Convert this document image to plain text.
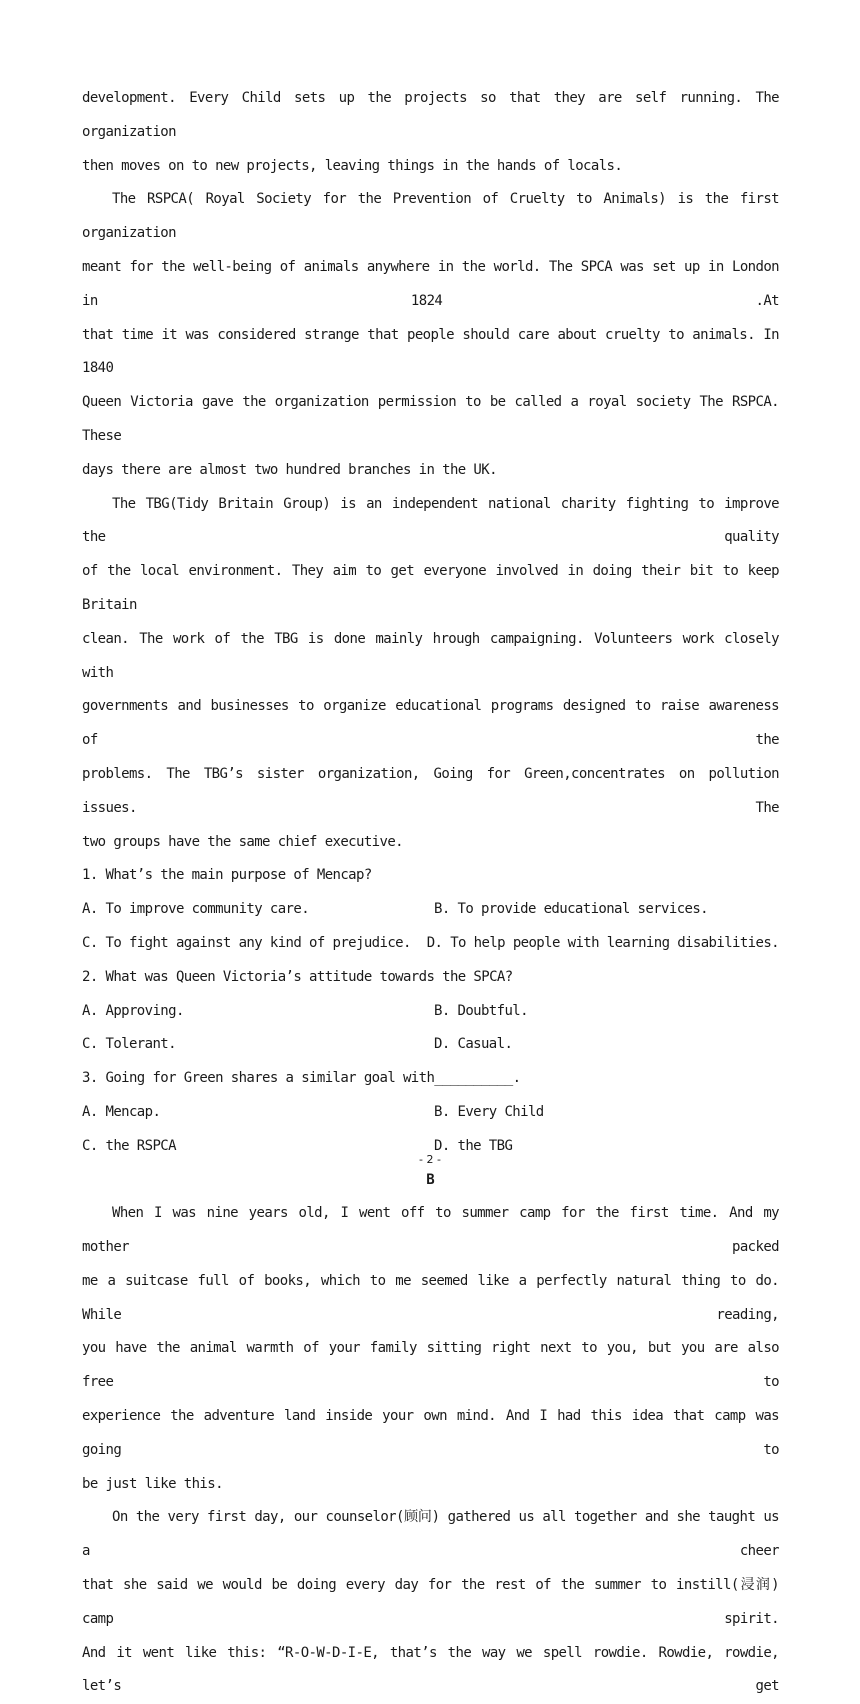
development. Every Child sets up the projects so that they are self running. The organization
then moves on to new projects, leaving things in the hands of locals.
The RSPCA( Royal Society for the Prevention of Cruelty to Animals) is the first organization
meant for the well-being of animals anywhere in the world. The SPCA was set up in London in 1824 .At
that time it was considered strange that people should care about cruelty to animals. In 1840
Queen Victoria gave the organization permission to be called a royal society The RSPCA. These
days there are almost two hundred branches in the UK.
The TBG(Tidy Britain Group) is an independent national charity fighting to improve the quality
of the local environment. They aim to get everyone involved in doing their bit to keep Britain
clean. The work of the TBG is done mainly hrough campaigning. Volunteers work closely with
governments and businesses to organize educational programs designed to raise awareness of the
problems. The TBG’s sister organization, Going for Green,concentrates on pollution issues. The
two groups have the same chief executive.
1. What’s the main purpose of Mencap?
A. To improve community care.	B. To provide educational services.
C. To fight against any kind of prejudice.	D. To help people with learning disabilities.
2. What was Queen Victoria’s attitude towards the SPCA?
A. Approving.	B. Doubtful.
C. Tolerant.	D. Casual.
3. Going for Green shares a similar goal with__________.
A. Mencap.	B. Every Child
C. the RSPCA	D. the TBG
B
When I was nine years old, I went off to summer camp for the first time. And my mother packed
me a suitcase full of books, which to me seemed like a perfectly natural thing to do. While reading,
you have the animal warmth of your family sitting right next to you, but you are also free to
experience the adventure land inside your own mind. And I had this idea that camp was going to
be just like this.
On the very first day, our counselor(顾问) gathered us all together and she taught us a cheer
that she said we would be doing every day for the rest of the summer to instill(浸润) camp spirit.
And it went like this: “R-O-W-D-I-E, that’s the way we spell rowdie. Rowdie, rowdie, let’s get
- 2 -
